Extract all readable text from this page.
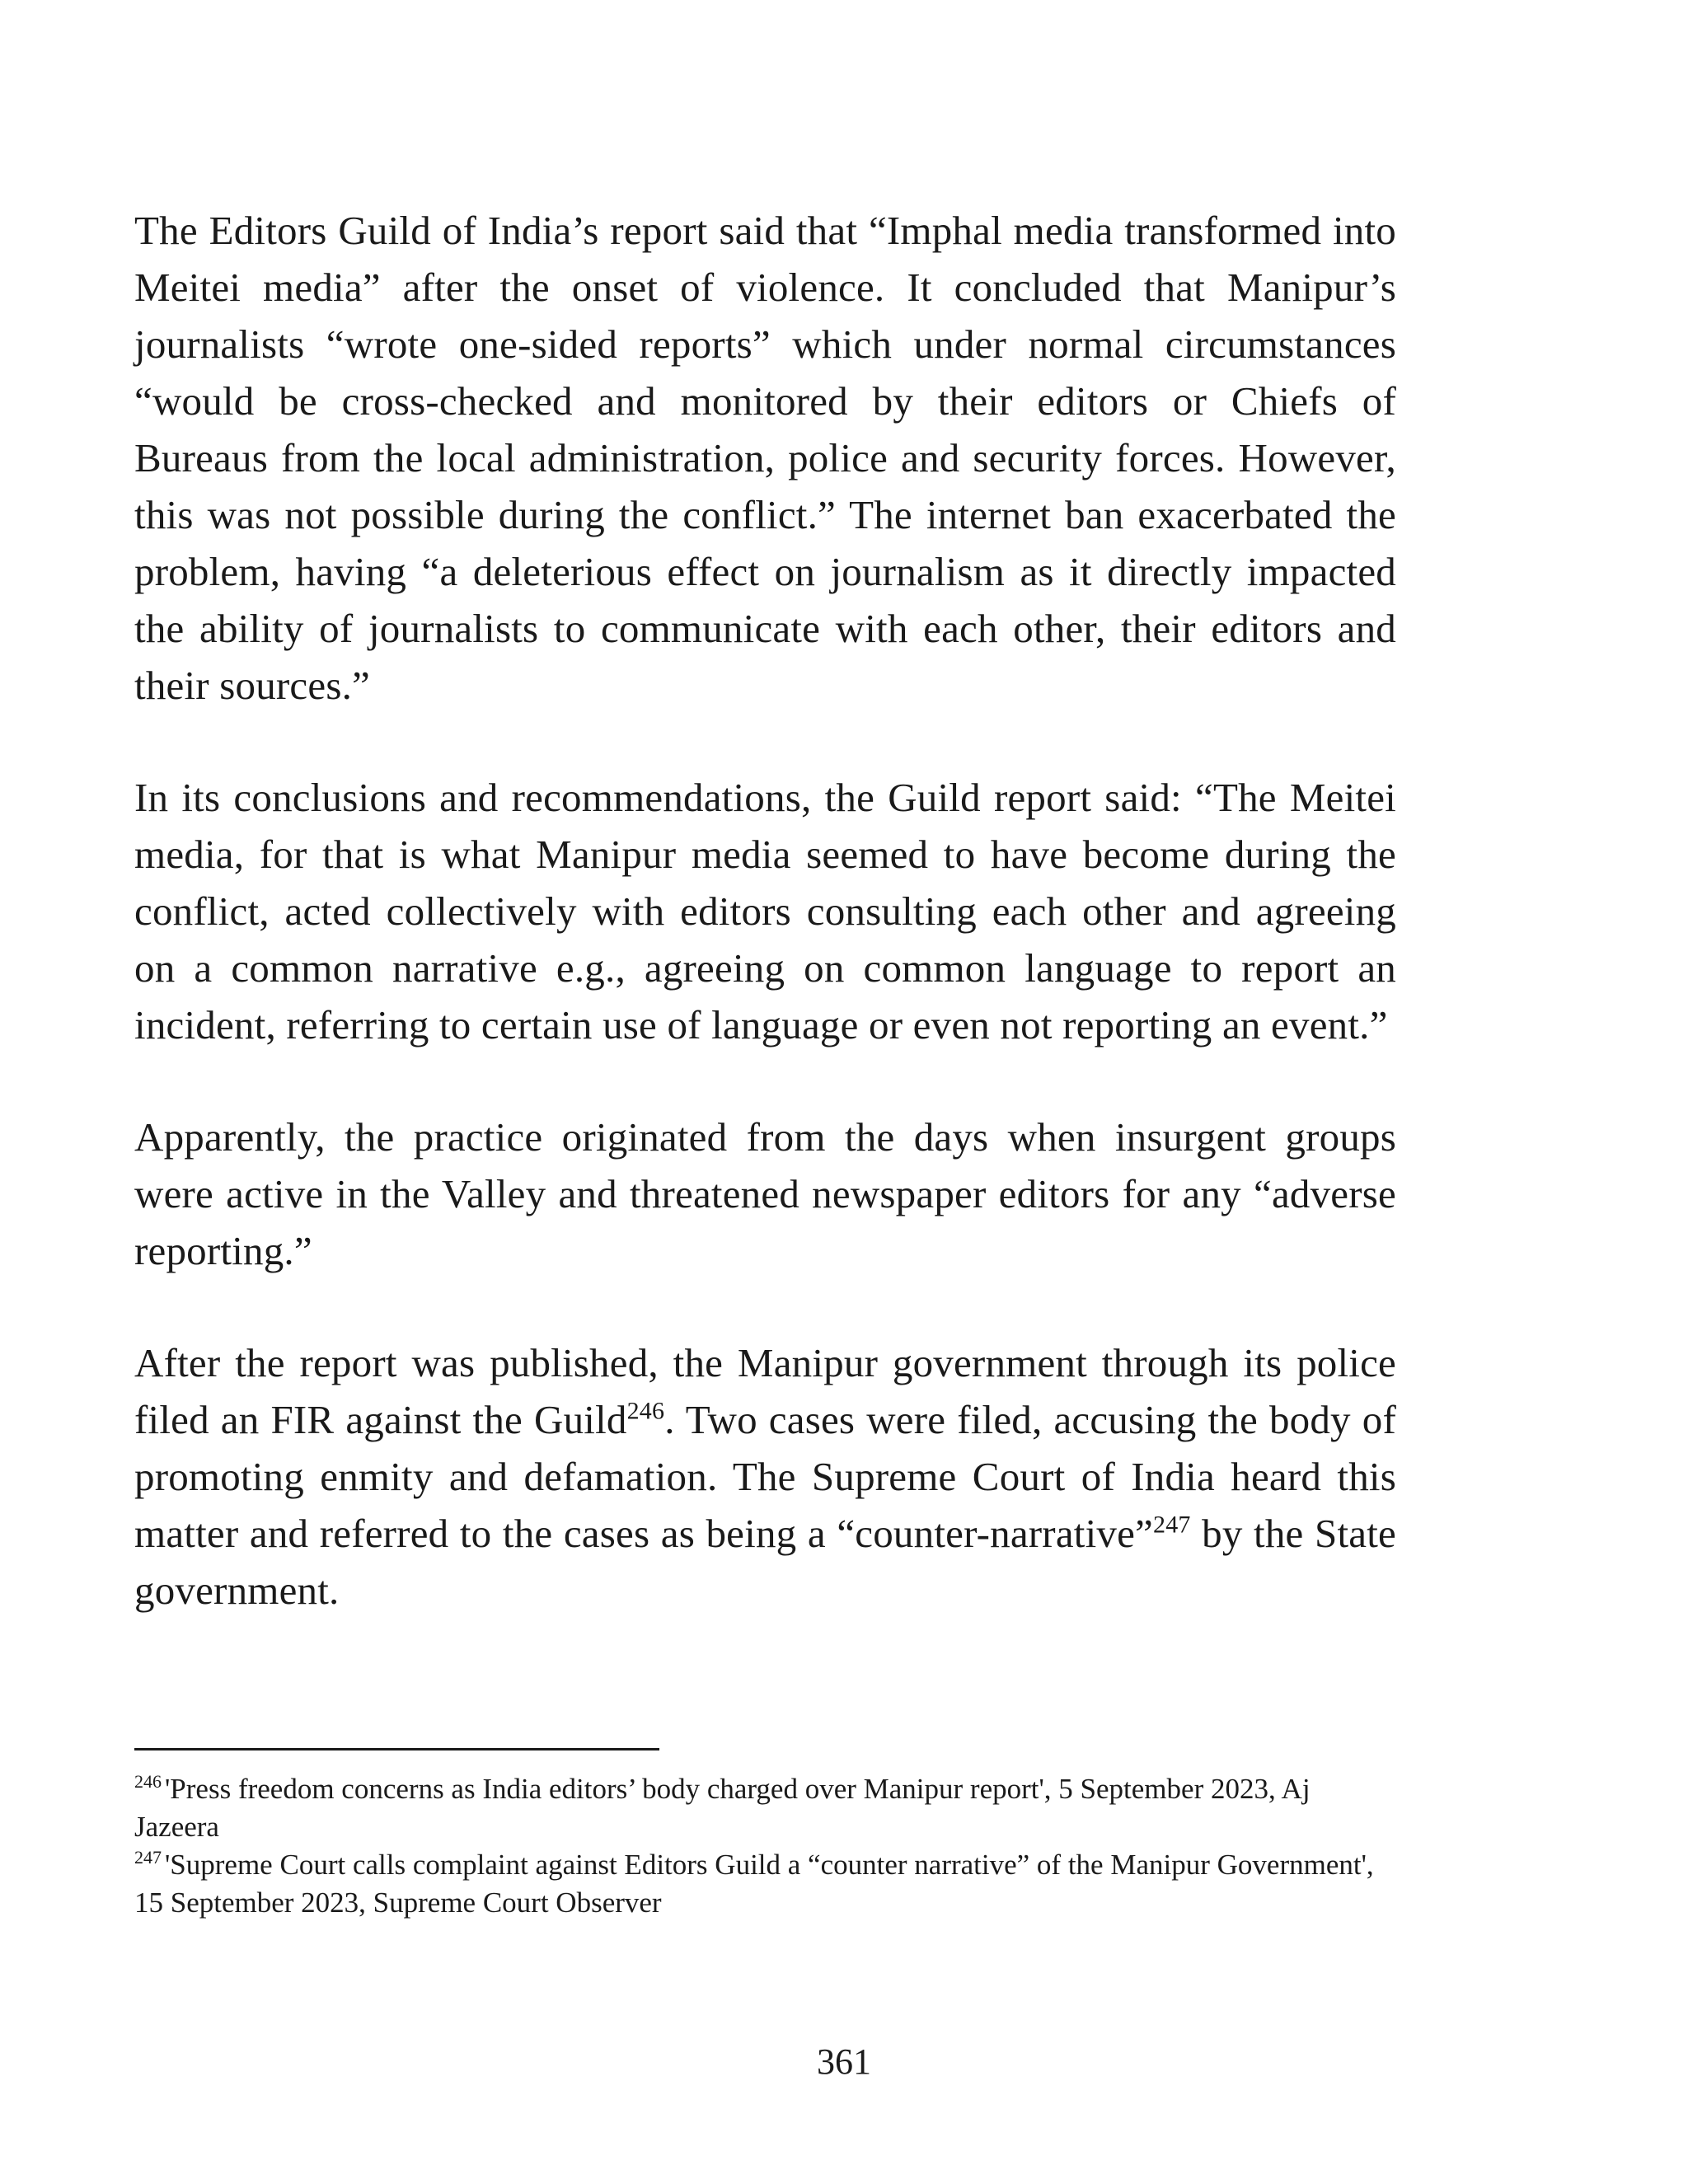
The Editors Guild of India’s report said that “Imphal media transformed into Meitei media” after the onset of violence. It concluded that Manipur’s journalists “wrote one-sided reports” which under normal circumstances “would be cross-checked and monitored by their editors or Chiefs of Bureaus from the local administration, police and security forces. However, this was not possible during the conflict.” The internet ban exacerbated the problem, having “a deleterious effect on journalism as it directly impacted the ability of journalists to communicate with each other, their editors and their sources.”

In its conclusions and recommendations, the Guild report said: “The Meitei media, for that is what Manipur media seemed to have become during the conflict, acted collectively with editors consulting each other and agreeing on a common narrative e.g., agreeing on common language to report an incident, referring to certain use of language or even not reporting an event.”

Apparently, the practice originated from the days when insurgent groups were active in the Valley and threatened newspaper editors for any “adverse reporting.”

After the report was published, the Manipur government through its police filed an FIR against the Guild$^{246}$. Two cases were filed, accusing the body of promoting enmity and defamation. The Supreme Court of India heard this matter and referred to the cases as being a “counter-narrative”$^{247}$ by the State government.

$^{246}$ 'Press freedom concerns as India editors’ body charged over Manipur report', 5 September 2023, Aj Jazeera

$^{247}$ 'Supreme Court calls complaint against Editors Guild a “counter narrative” of the Manipur Government', 15 September 2023, Supreme Court Observer

361
